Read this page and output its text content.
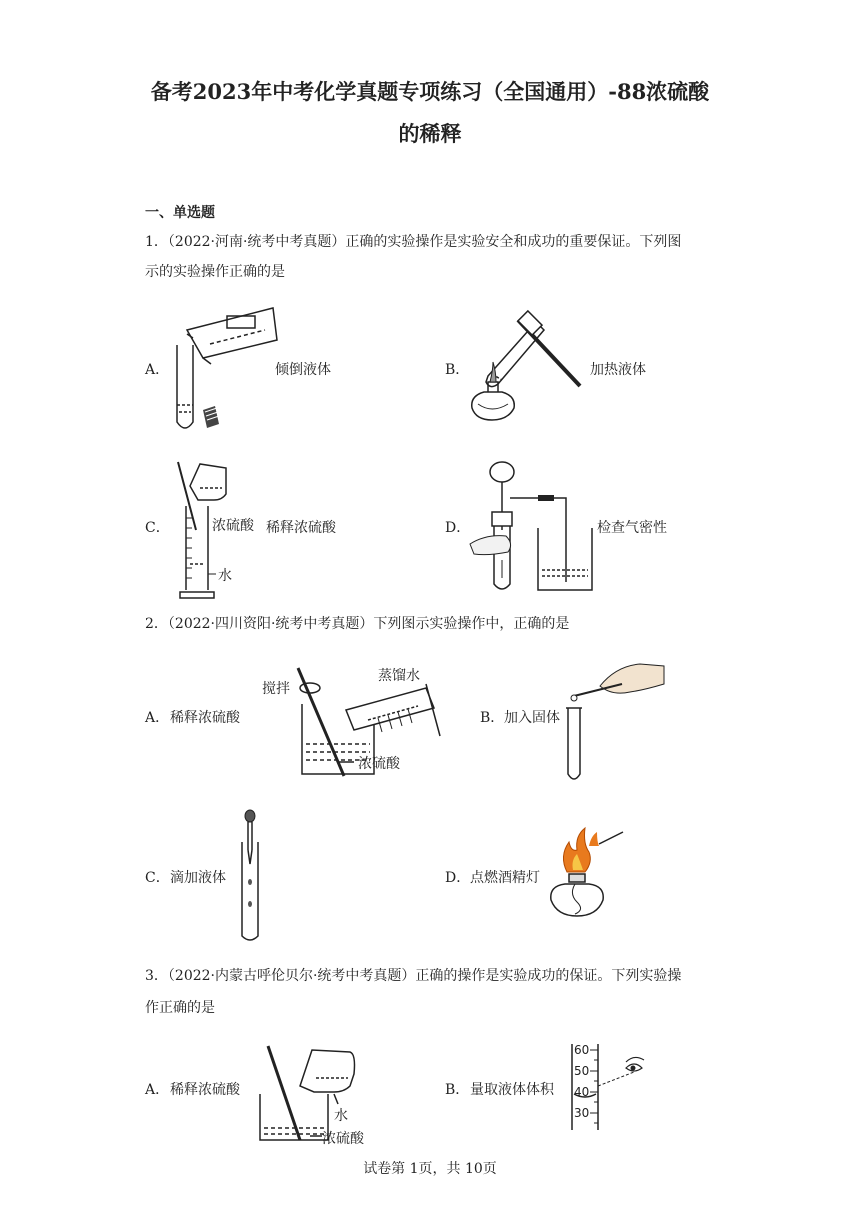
备考2023年中考化学真题专项练习（全国通用）-88浓硫酸
的稀释
一、单选题
1．（2022·河南·统考中考真题）正确的实验操作是实验安全和成功的重要保证。下列图
示的实验操作正确的是
A．	倾倒液体	B．	加热液体
C．	浓硫酸
水
稀释浓硫酸	D．	检查气密性
2．（2022·四川资阳·统考中考真题）下列图示实验操作中，正确的是
A． 稀释浓硫酸
搅拌
蒸馏水
浓硫酸
B． 加入固体
C． 滴加液体	D． 点燃酒精灯
3．（2022·内蒙古呼伦贝尔·统考中考真题）正确的操作是实验成功的保证。下列实验操
作正确的是
A． 稀释浓硫酸
水
浓硫酸
B． 量取液体体积
60
50
40
30
试卷第 1页，共 10页
